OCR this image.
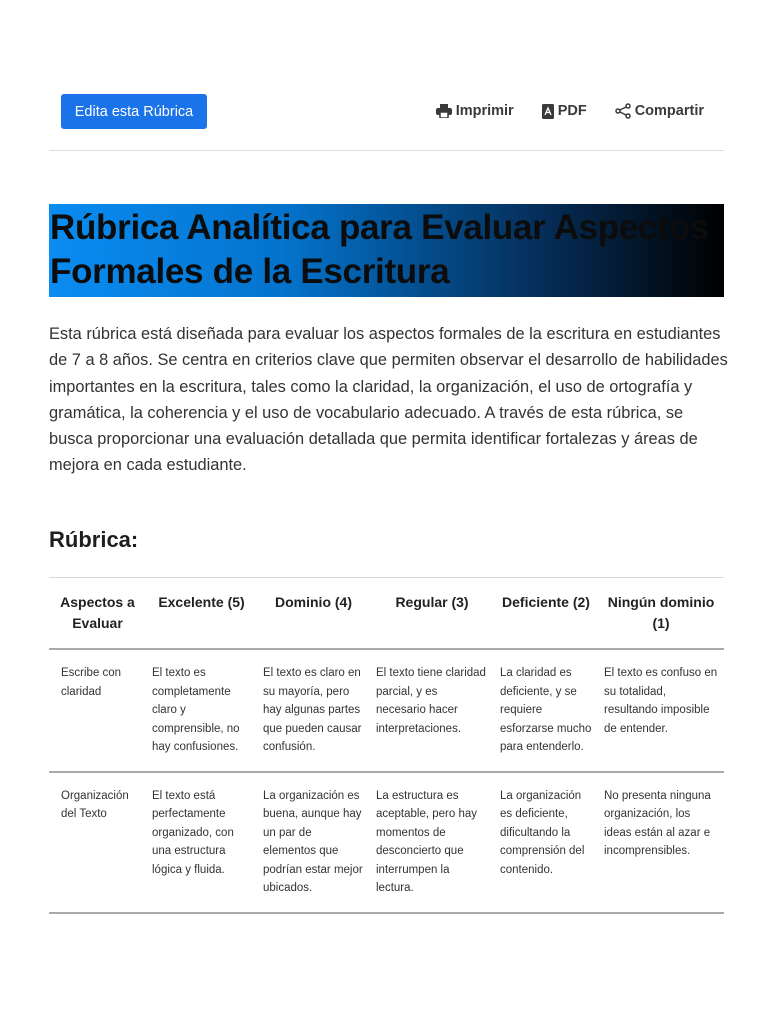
Edita esta Rúbrica	Imprimir	PDF	Compartir
Rúbrica Analítica para Evaluar Aspectos Formales de la Escritura

Esta rúbrica está diseñada para evaluar los aspectos formales de la escritura en estudiantes de 7 a 8 años. Se centra en criterios clave que permiten observar el desarrollo de habilidades importantes en la escritura, tales como la claridad, la organización, el uso de ortografía y gramática, la coherencia y el uso de vocabulario adecuado. A través de esta rúbrica, se busca proporcionar una evaluación detallada que permita identificar fortalezas y áreas de mejora en cada estudiante.

Rúbrica:
Aspectos a Evaluar	Excelente (5)	Dominio (4)	Regular (3)	Deficiente (2)	Ningún dominio (1)
Escribe con claridad	El texto es completamente claro y comprensible, no hay confusiones.	El texto es claro en su mayoría, pero hay algunas partes que pueden causar confusión.	El texto tiene claridad parcial, y es necesario hacer interpretaciones.	La claridad es deficiente, y se requiere esforzarse mucho para entenderlo.	El texto es confuso en su totalidad, resultando imposible de entender.
Organización del Texto	El texto está perfectamente organizado, con una estructura lógica y fluida.	La organización es buena, aunque hay un par de elementos que podrían estar mejor ubicados.	La estructura es aceptable, pero hay momentos de desconcierto que interrumpen la lectura.	La organización es deficiente, dificultando la comprensión del contenido.	No presenta ninguna organización, los ideas están al azar e incomprensibles.
